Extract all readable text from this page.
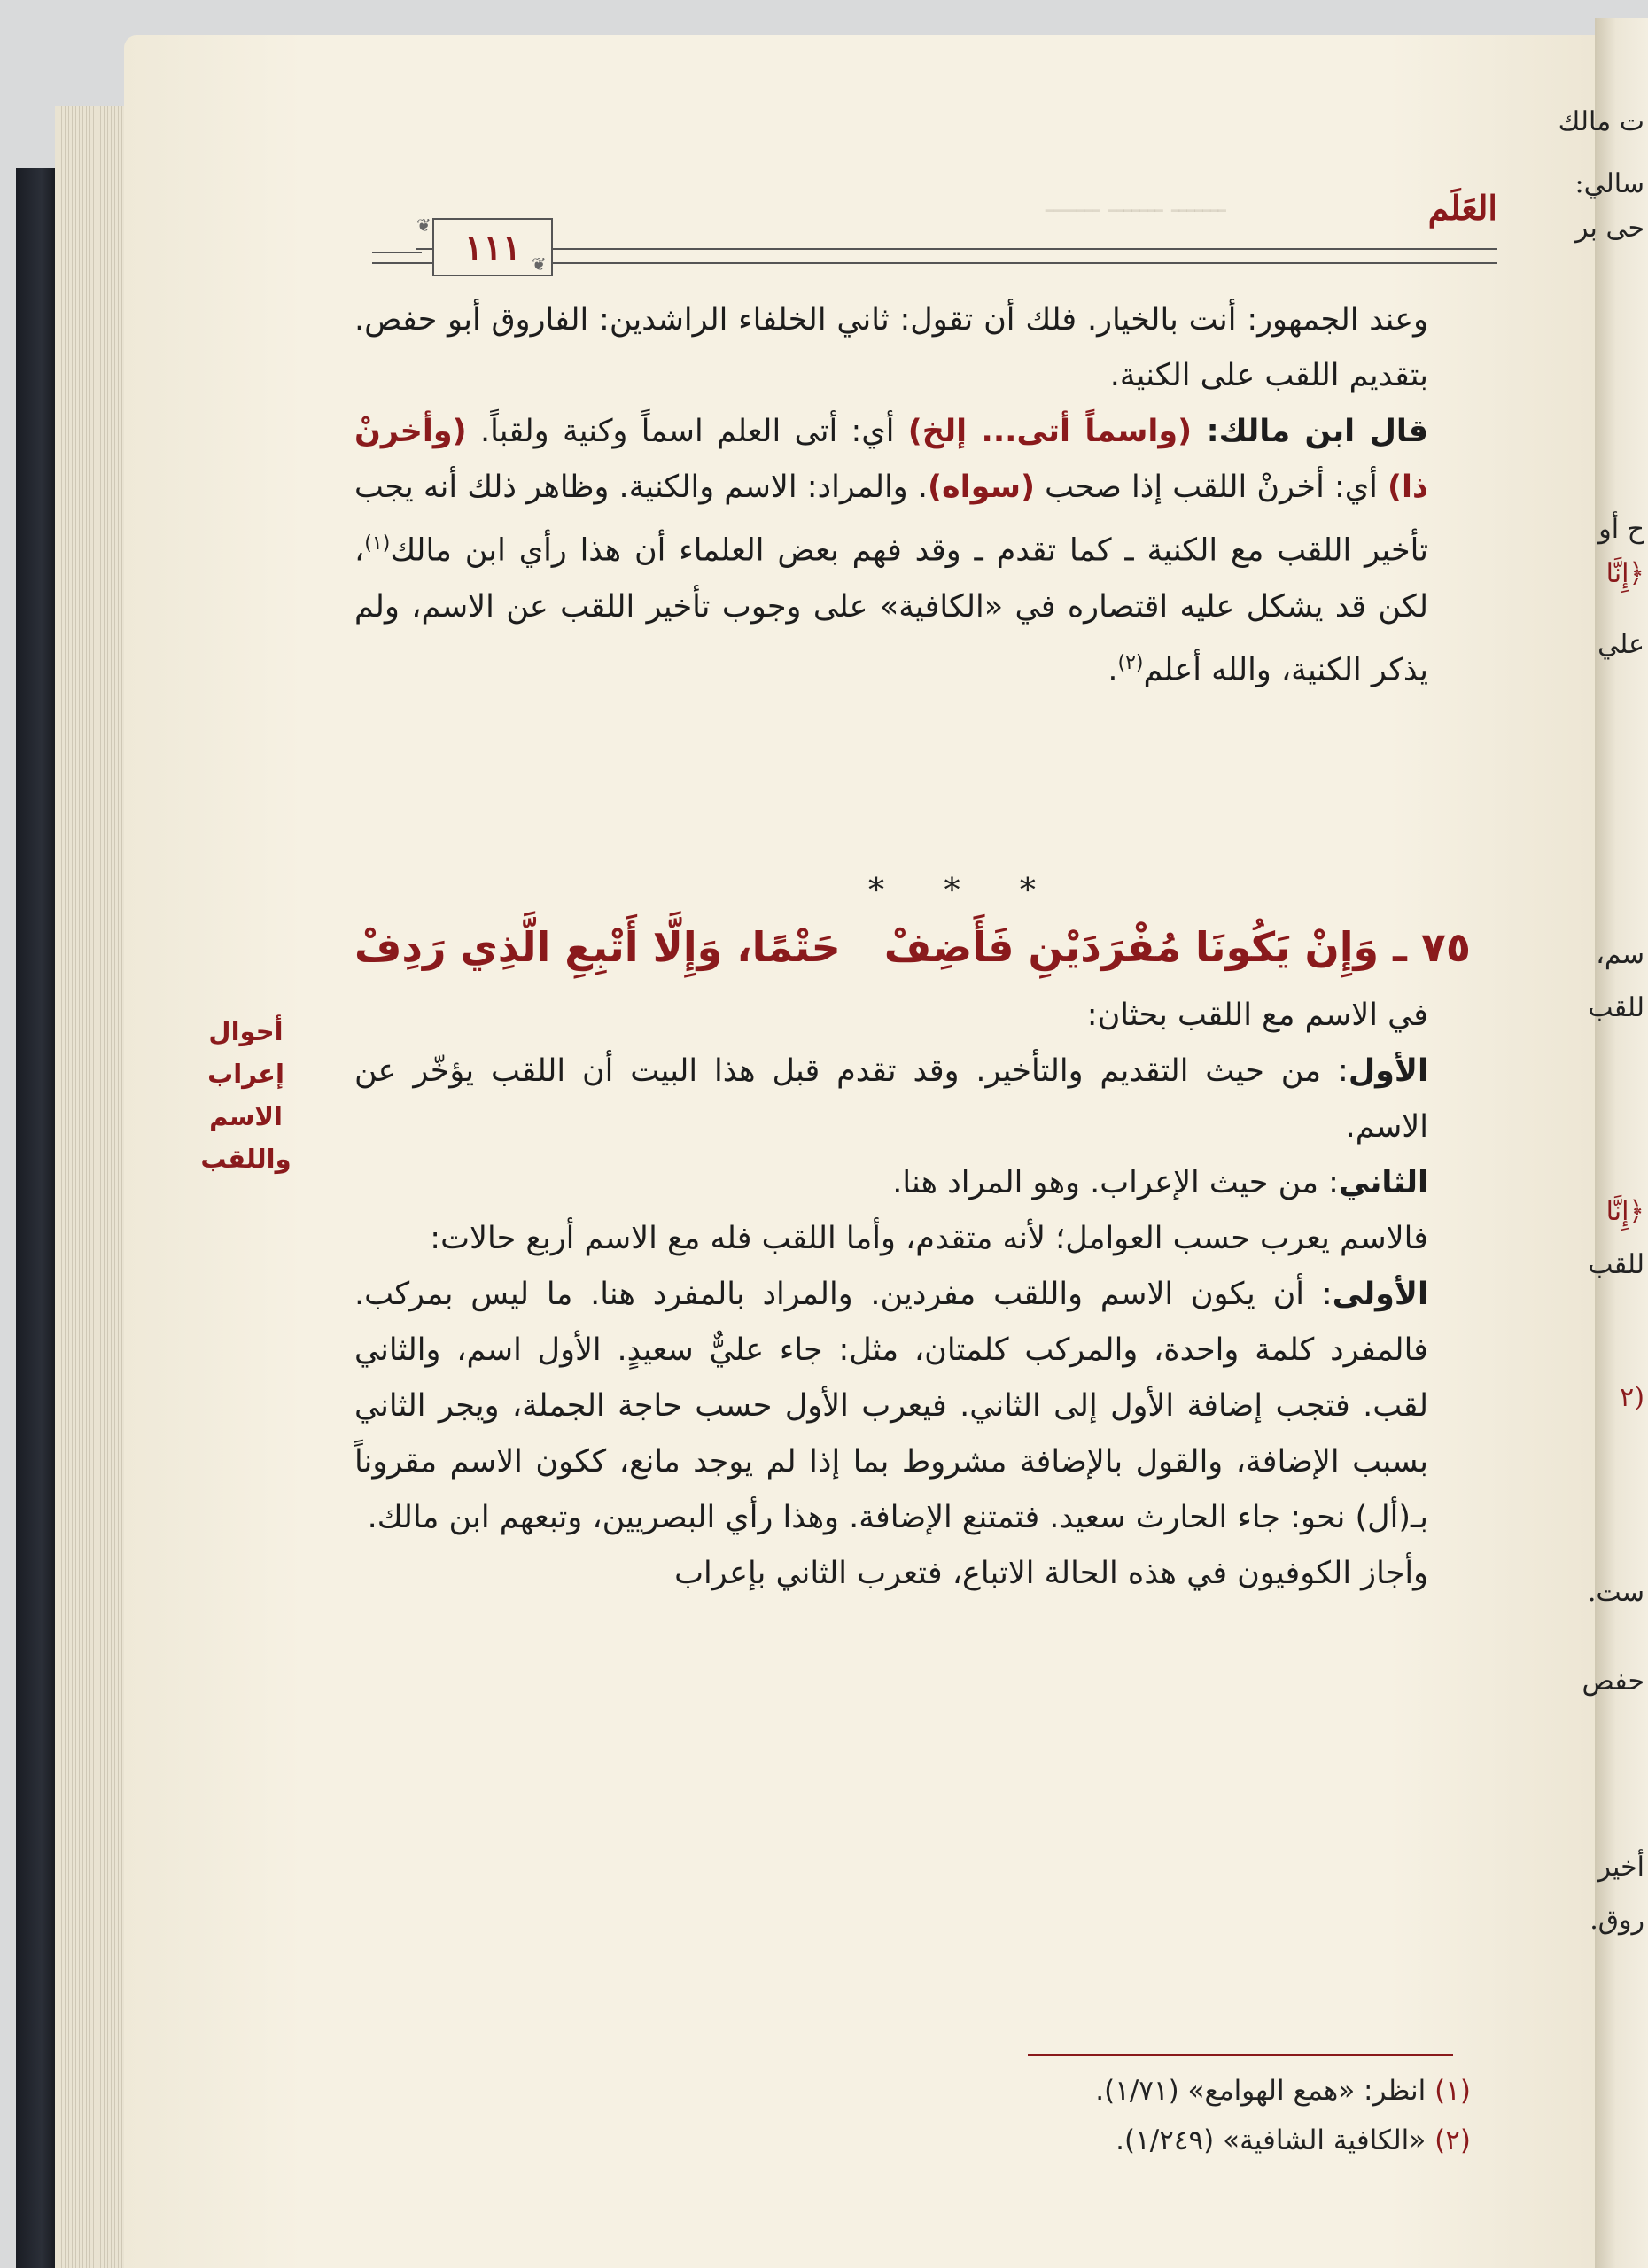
ت مالك
سالي:
حى بر
ح أو
﴿إِنَّا
علي
سم،
للقب
﴿إِنَّا
للقب
(٢
ست.
حفص
أخير
روق.
ـــــــ ـــــــ ـــــــ	العَلَم
١١١
❦
❦

وعند الجمهور: أنت بالخيار. فلك أن تقول: ثاني الخلفاء الراشدين: الفاروق أبو حفص. بتقديم اللقب على الكنية.

قال ابن مالك: (واسماً أتى... إلخ) أي: أتى العلم اسماً وكنية ولقباً. (وأخرنْ ذا) أي: أخرنْ اللقب إذا صحب (سواه). والمراد: الاسم والكنية. وظاهر ذلك أنه يجب تأخير اللقب مع الكنية ـ كما تقدم ـ وقد فهم بعض العلماء أن هذا رأي ابن مالك$^{(١)}$، لكن قد يشكل عليه اقتصاره في «الكافية» على وجوب تأخير اللقب عن الاسم، ولم يذكر الكنية، والله أعلم$^{(٢)}$.

* * *
٧٥ ـ وَإِنْ يَكُونَا مُفْرَدَيْنِ فَأَضِفْ
حَتْمًا، وَإِلَّا أَتْبِعِ الَّذِي رَدِفْ
أحوال إعراب
الاسم
واللقب

في الاسم مع اللقب بحثان:

الأول: من حيث التقديم والتأخير. وقد تقدم قبل هذا البيت أن اللقب يؤخّر عن الاسم.

الثاني: من حيث الإعراب. وهو المراد هنا.

فالاسم يعرب حسب العوامل؛ لأنه متقدم، وأما اللقب فله مع الاسم أربع حالات:

الأولى: أن يكون الاسم واللقب مفردين. والمراد بالمفرد هنا. ما ليس بمركب. فالمفرد كلمة واحدة، والمركب كلمتان، مثل: جاء عليٌّ سعيدٍ. الأول اسم، والثاني لقب. فتجب إضافة الأول إلى الثاني. فيعرب الأول حسب حاجة الجملة، ويجر الثاني بسبب الإضافة، والقول بالإضافة مشروط بما إذا لم يوجد مانع، ككون الاسم مقروناً بـ(أل) نحو: جاء الحارث سعيد. فتمتنع الإضافة. وهذا رأي البصريين، وتبعهم ابن مالك.

وأجاز الكوفيون في هذه الحالة الاتباع، فتعرب الثاني بإعراب

(١) انظر: «همع الهوامع» (١/٧١).
(٢) «الكافية الشافية» (١/٢٤٩).
